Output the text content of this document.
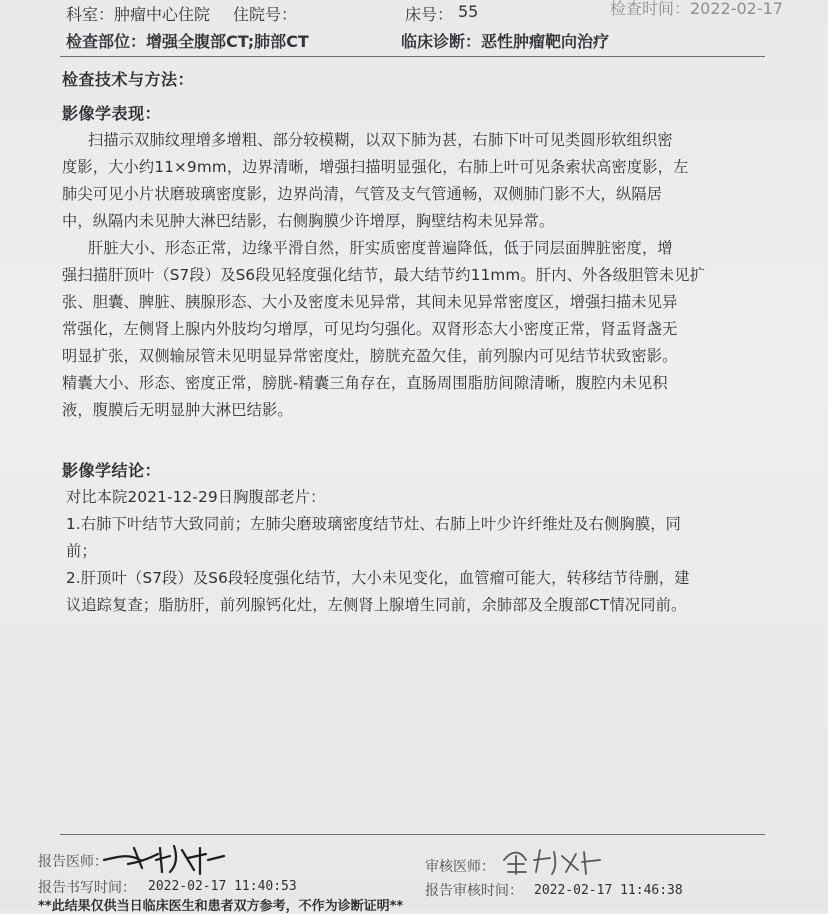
科室：肿瘤中心住院 住院号：	床号： 55	检查时间：2022-02-17
检查部位：增强全腹部CT;肺部CT	临床诊断：恶性肿瘤靶向治疗
检查技术与方法：
影像学表现：
扫描示双肺纹理增多增粗、部分较模糊，以双下肺为甚，右肺下叶可见类圆形软组织密
度影，大小约11×9mm，边界清晰，增强扫描明显强化，右肺上叶可见条索状高密度影，左
肺尖可见小片状磨玻璃密度影，边界尚清，气管及支气管通畅，双侧肺门影不大，纵隔居
中，纵隔内未见肿大淋巴结影，右侧胸膜少许增厚，胸壁结构未见异常。
肝脏大小、形态正常，边缘平滑自然，肝实质密度普遍降低，低于同层面脾脏密度，增
强扫描肝顶叶（S7段）及S6段见轻度强化结节，最大结节约11mm。肝内、外各级胆管未见扩
张、胆囊、脾脏、胰腺形态、大小及密度未见异常，其间未见异常密度区，增强扫描未见异
常强化，左侧肾上腺内外肢均匀增厚，可见均匀强化。双肾形态大小密度正常，肾盂肾盏无
明显扩张，双侧输尿管未见明显异常密度灶，膀胱充盈欠佳，前列腺内可见结节状致密影。
精囊大小、形态、密度正常，膀胱-精囊三角存在，直肠周围脂肪间隙清晰，腹腔内未见积
液，腹膜后无明显肿大淋巴结影。
影像学结论：
对比本院2021-12-29日胸腹部老片：
1.右肺下叶结节大致同前；左肺尖磨玻璃密度结节灶、右肺上叶少许纤维灶及右侧胸膜，同
前；
2.肝顶叶（S7段）及S6段轻度强化结节，大小未见变化，血管瘤可能大，转移结节待删，建
议追踪复查；脂肪肝，前列腺钙化灶，左侧肾上腺增生同前，余肺部及全腹部CT情况同前。
报告医师：	审核医师：
报告书写时间： 2022-02-17 11:40:53	报告审核时间： 2022-02-17 11:46:38
**此结果仅供当日临床医生和患者双方参考，不作为诊断证明**
